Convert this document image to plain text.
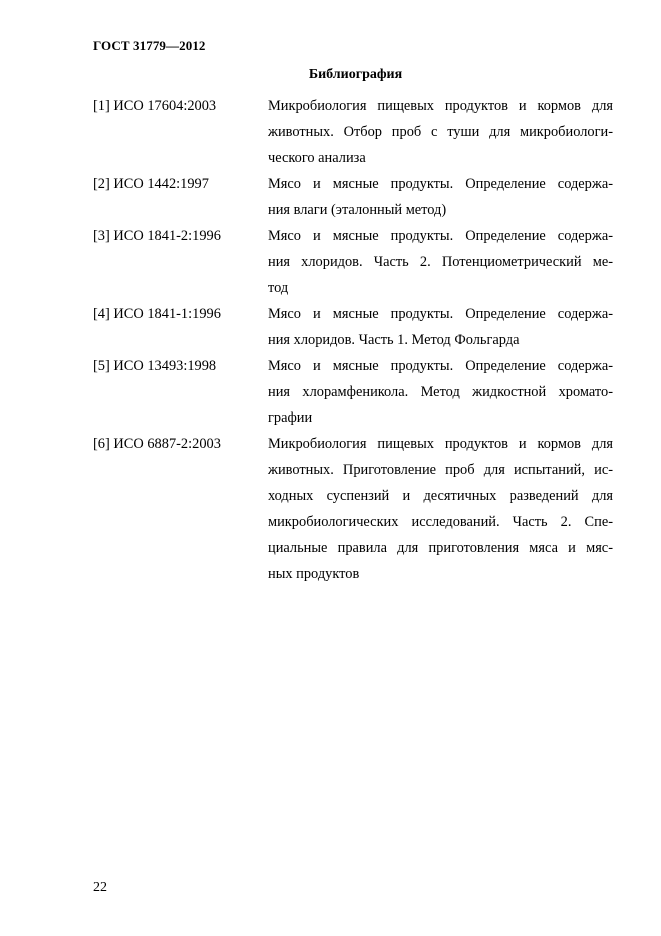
ГОСТ 31779—2012
Библиография
[1] ИСО 17604:2003	Микробиология пищевых продуктов и кормов для
животных. Отбор проб с туши для микробиологи-
ческого анализа
[2] ИСО 1442:1997	Мясо и мясные продукты. Определение содержа-
ния влаги (эталонный метод)
[3] ИСО 1841-2:1996	Мясо и мясные продукты. Определение содержа-
ния хлоридов. Часть 2. Потенциометрический ме-
тод
[4] ИСО 1841-1:1996	Мясо и мясные продукты. Определение содержа-
ния хлоридов. Часть 1. Метод Фольгарда
[5] ИСО 13493:1998	Мясо и мясные продукты. Определение содержа-
ния хлорамфеникола. Метод жидкостной хромато-
графии
[6] ИСО 6887-2:2003	Микробиология пищевых продуктов и кормов для
животных. Приготовление проб для испытаний, ис-
ходных суспензий и десятичных разведений для
микробиологических исследований. Часть 2. Спе-
циальные правила для приготовления мяса и мяс-
ных продуктов
22
